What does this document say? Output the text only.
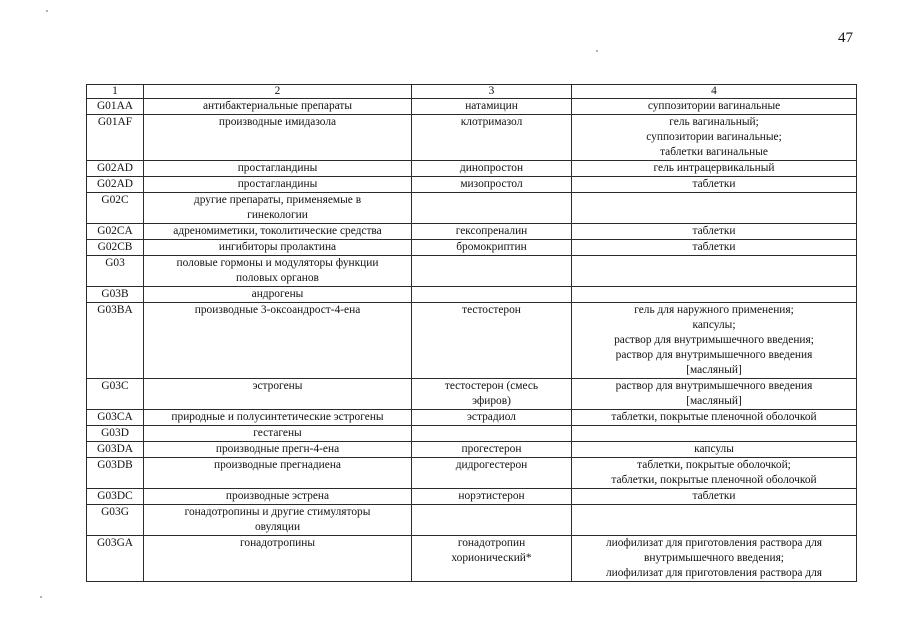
47
1	2	3	4
G01AA	антибактериальные препараты	натамицин	суппозитории вагинальные
G01AF	производные имидазола	клотримазол	гель вагинальный;
суппозитории вагинальные;
таблетки вагинальные
G02AD	простагландины	динопростон	гель интрацервикальный
G02AD	простагландины	мизопростол	таблетки
G02C	другие препараты, применяемые в
гинекологии		
G02CA	адреномиметики, токолитические средства	гексопреналин	таблетки
G02CB	ингибиторы пролактина	бромокриптин	таблетки
G03	половые гормоны и модуляторы функции
половых органов		
G03B	андрогены		
G03BA	производные 3-оксоандрост-4-ена	тестостерон	гель для наружного применения;
капсулы;
раствор для внутримышечного введения;
раствор для внутримышечного введения
[масляный]
G03C	эстрогены	тестостерон (смесь
эфиров)	раствор для внутримышечного введения
[масляный]
G03CA	природные и полусинтетические эстрогены	эстрадиол	таблетки, покрытые пленочной оболочкой
G03D	гестагены		
G03DA	производные прегн-4-ена	прогестерон	капсулы
G03DB	производные прегнадиена	дидрогестерон	таблетки, покрытые оболочкой;
таблетки, покрытые пленочной оболочкой
G03DC	производные эстрена	норэтистерон	таблетки
G03G	гонадотропины и другие стимуляторы
овуляции		
G03GA	гонадотропины	гонадотропин
хорионический*	лиофилизат для приготовления раствора для
внутримышечного введения;
лиофилизат для приготовления раствора для
